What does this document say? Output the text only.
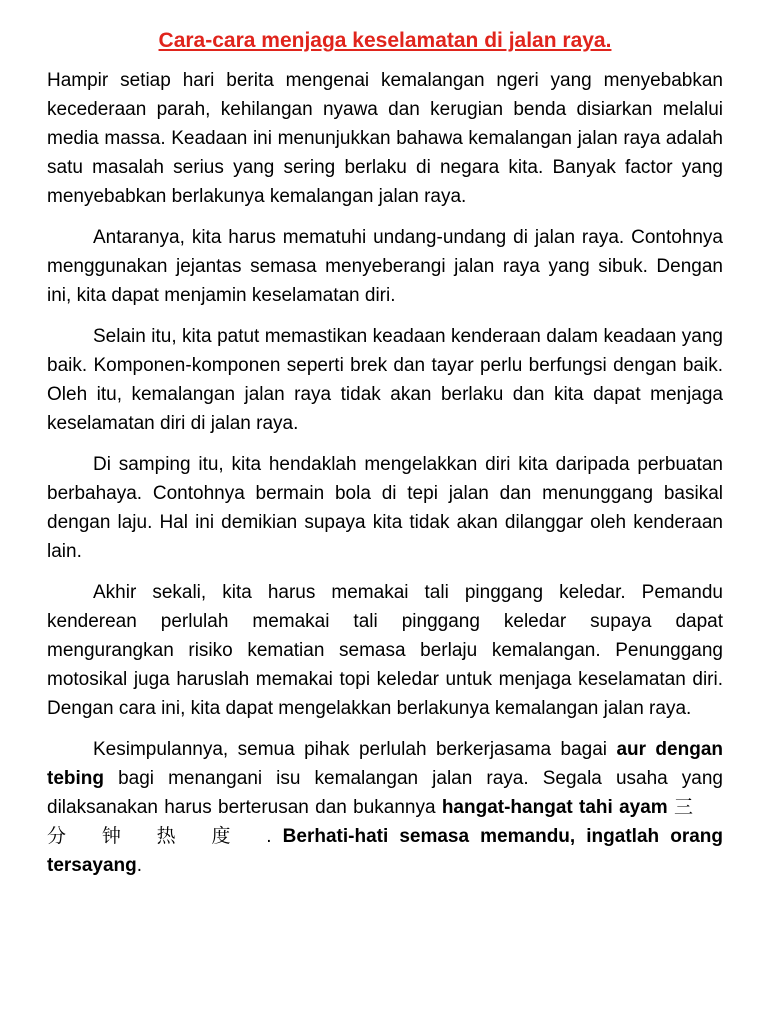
Cara-cara menjaga keselamatan di jalan raya.

Hampir setiap hari berita mengenai kemalangan ngeri yang menyebabkan kecederaan parah, kehilangan nyawa dan kerugian benda disiarkan melalui media massa. Keadaan ini menunjukkan bahawa kemalangan jalan raya adalah satu masalah serius yang sering berlaku di negara kita. Banyak factor yang menyebabkan berlakunya kemalangan jalan raya.

Antaranya, kita harus mematuhi undang-undang di jalan raya. Contohnya menggunakan jejantas semasa menyeberangi jalan raya yang sibuk. Dengan ini, kita dapat menjamin keselamatan diri.

Selain itu, kita patut memastikan keadaan kenderaan dalam keadaan yang baik. Komponen-komponen seperti brek dan tayar perlu berfungsi dengan baik. Oleh itu, kemalangan jalan raya tidak akan berlaku dan kita dapat menjaga keselamatan diri di jalan raya.

Di samping itu, kita hendaklah mengelakkan diri kita daripada perbuatan berbahaya. Contohnya bermain bola di tepi jalan dan menunggang basikal dengan laju. Hal ini demikian supaya kita tidak akan dilanggar oleh kenderaan lain.

Akhir sekali, kita harus memakai tali pinggang keledar. Pemandu kenderean perlulah memakai tali pinggang keledar supaya dapat mengurangkan risiko kematian semasa berlaju kemalangan. Penunggang motosikal juga haruslah memakai topi keledar untuk menjaga keselamatan diri. Dengan cara ini, kita dapat mengelakkan berlakunya kemalangan jalan raya.

Kesimpulannya, semua pihak perlulah berkerjasama bagai aur dengan tebing bagi menangani isu kemalangan jalan raya. Segala usaha yang dilaksanakan harus berterusan dan bukannya hangat-hangat tahi ayam 三分钟热度. Berhati-hati semasa memandu, ingatlah orang tersayang.
